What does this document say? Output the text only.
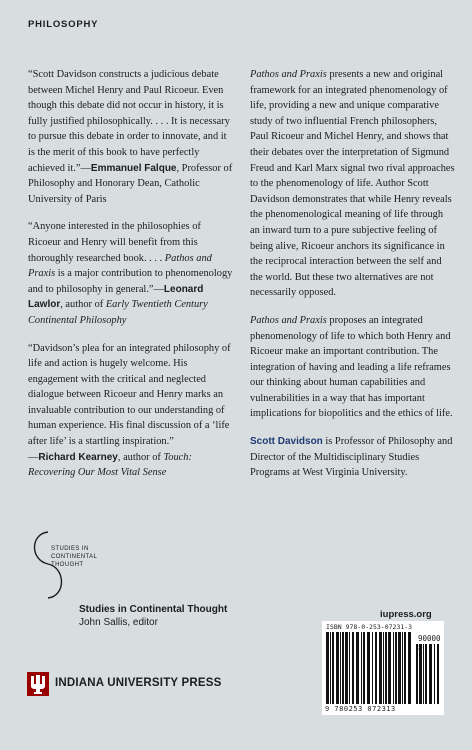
PHILOSOPHY

“Scott Davidson constructs a judicious debate between Michel Henry and Paul Ricoeur. Even though this debate did not occur in history, it is fully justified philosophically. . . . It is necessary to pursue this debate in order to innovate, and it is the merit of this book to have perfectly achieved it.”—Emmanuel Falque, Professor of Philosophy and Honorary Dean, Catholic University of Paris

“Anyone interested in the philosophies of Ricoeur and Henry will benefit from this thoroughly researched book. . . . Pathos and Praxis is a major contribution to phenomenology and to philosophy in general.”—Leonard Lawlor, author of Early Twentieth Century Continental Philosophy

“Davidson’s plea for an integrated philosophy of life and action is hugely welcome. His engagement with the critical and neglected dialogue between Ricoeur and Henry marks an invaluable contribution to our understanding of human experience. His final discussion of a ‘life after life’ is a startling inspiration.”
—Richard Kearney, author of Touch: Recovering Our Most Vital Sense

Pathos and Praxis presents a new and original framework for an integrated phenomenology of life, providing a new and unique comparative study of two influential French philosophers, Paul Ricoeur and Michel Henry, and shows that their debates over the interpretation of Sigmund Freud and Karl Marx signal two rival approaches to the phenomenology of life. Author Scott Davidson demonstrates that while Henry reveals the phenomenological meaning of life through an inward turn to a pure subjective feeling of being alive, Ricoeur anchors its significance in the reciprocal interaction between the self and the world. But these two alternatives are not necessarily opposed.

Pathos and Praxis proposes an integrated phenomenology of life to which both Henry and Ricoeur make an important contribution. The integration of having and leading a life reframes our thinking about human capabilities and vulnerabilities in a way that has important implications for biopolitics and the ethics of life.

Scott Davidson is Professor of Philosophy and Director of the Multidisciplinary Studies Programs at West Virginia University.

STUDIES IN
CONTINENTAL
THOUGHT
Studies in Continental Thought
John Sallis, editor
INDIANA UNIVERSITY PRESS
iupress.org
ISBN 978-0-253-07231-3
90000
9 780253 072313
